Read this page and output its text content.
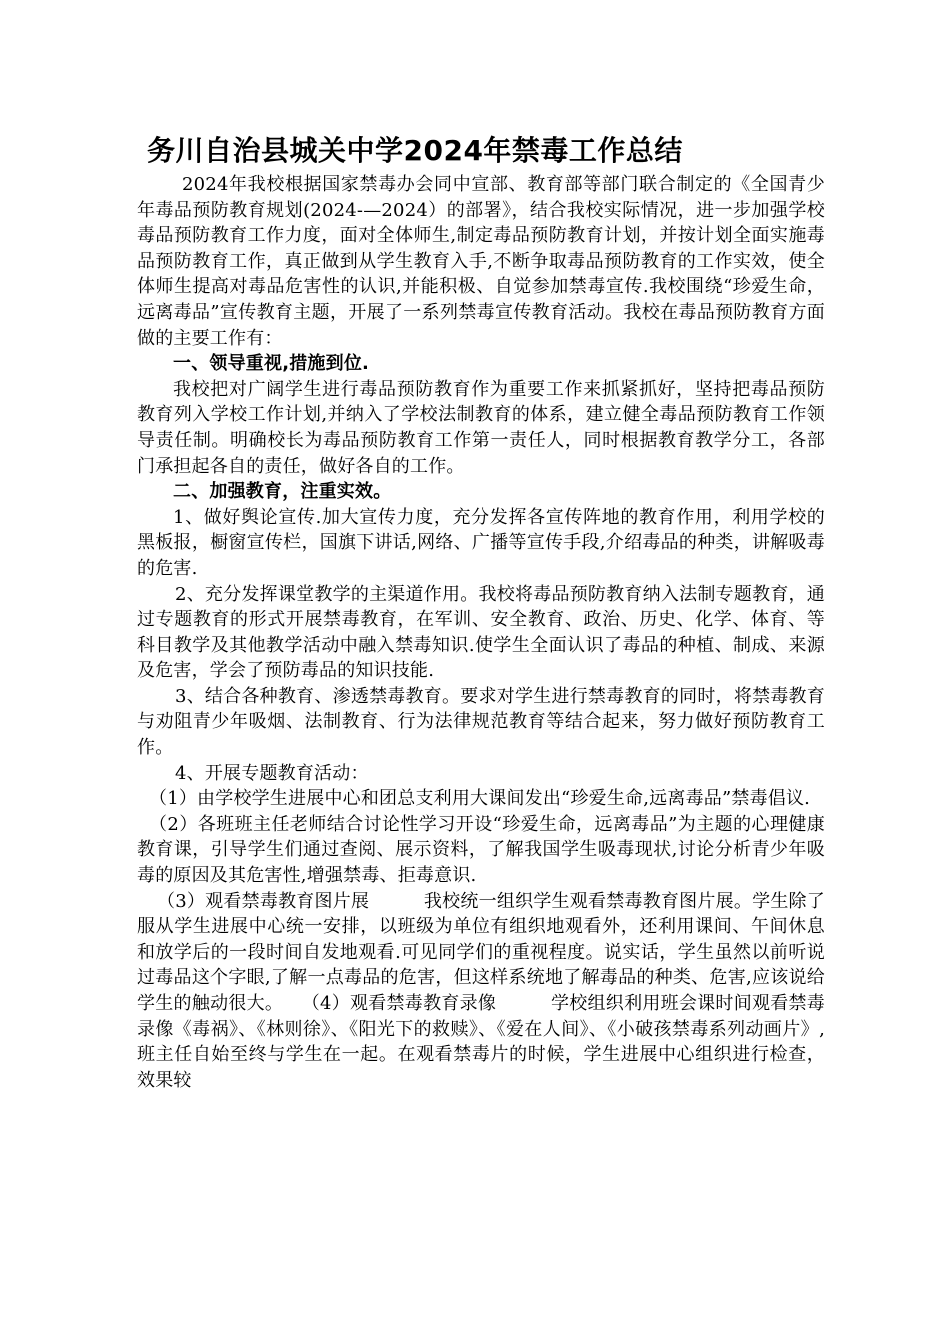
务川自治县城关中学2024年禁毒工作总结

2024年我校根据国家禁毒办会同中宣部、教育部等部门联合制定的《全国青少年毒品预防教育规划(2024-—2024）的部署》，结合我校实际情况，进一步加强学校毒品预防教育工作力度，面对全体师生,制定毒品预防教育计划，并按计划全面实施毒品预防教育工作，真正做到从学生教育入手,不断争取毒品预防教育的工作实效，使全体师生提高对毒品危害性的认识,并能积极、自觉参加禁毒宣传.我校围绕“珍爱生命，远离毒品”宣传教育主题，开展了一系列禁毒宣传教育活动。我校在毒品预防教育方面做的主要工作有：

一、领导重视,措施到位.

我校把对广阔学生进行毒品预防教育作为重要工作来抓紧抓好，坚持把毒品预防教育列入学校工作计划,并纳入了学校法制教育的体系，建立健全毒品预防教育工作领导责任制。明确校长为毒品预防教育工作第一责任人，同时根据教育教学分工，各部门承担起各自的责任，做好各自的工作。

二、加强教育，注重实效。

1、做好舆论宣传.加大宣传力度，充分发挥各宣传阵地的教育作用，利用学校的黑板报，橱窗宣传栏，国旗下讲话,网络、广播等宣传手段,介绍毒品的种类，讲解吸毒的危害.

2、充分发挥课堂教学的主渠道作用。我校将毒品预防教育纳入法制专题教育，通过专题教育的形式开展禁毒教育，在军训、安全教育、政治、历史、化学、体育、等科目教学及其他教学活动中融入禁毒知识.使学生全面认识了毒品的种植、制成、来源及危害，学会了预防毒品的知识技能.

3、结合各种教育、渗透禁毒教育。要求对学生进行禁毒教育的同时，将禁毒教育与劝阻青少年吸烟、法制教育、行为法律规范教育等结合起来，努力做好预防教育工作。

4、开展专题教育活动：

（1）由学校学生进展中心和团总支利用大课间发出“珍爱生命,远离毒品”禁毒倡议.

（2）各班班主任老师结合讨论性学习开设“珍爱生命，远离毒品”为主题的心理健康教育课，引导学生们通过查阅、展示资料，了解我国学生吸毒现状,讨论分析青少年吸毒的原因及其危害性,增强禁毒、拒毒意识.

（3）观看禁毒教育图片展　　　我校统一组织学生观看禁毒教育图片展。学生除了服从学生进展中心统一安排，以班级为单位有组织地观看外，还利用课间、午间休息和放学后的一段时间自发地观看.可见同学们的重视程度。说实话，学生虽然以前听说过毒品这个字眼,了解一点毒品的危害，但这样系统地了解毒品的种类、危害,应该说给学生的触动很大。　　（4）观看禁毒教育录像　　　学校组织利用班会课时间观看禁毒录像《毒祸》、《林则徐》、《阳光下的救赎》、《爱在人间》、《小破孩禁毒系列动画片》,班主任自始至终与学生在一起。在观看禁毒片的时候，学生进展中心组织进行检查，效果较
